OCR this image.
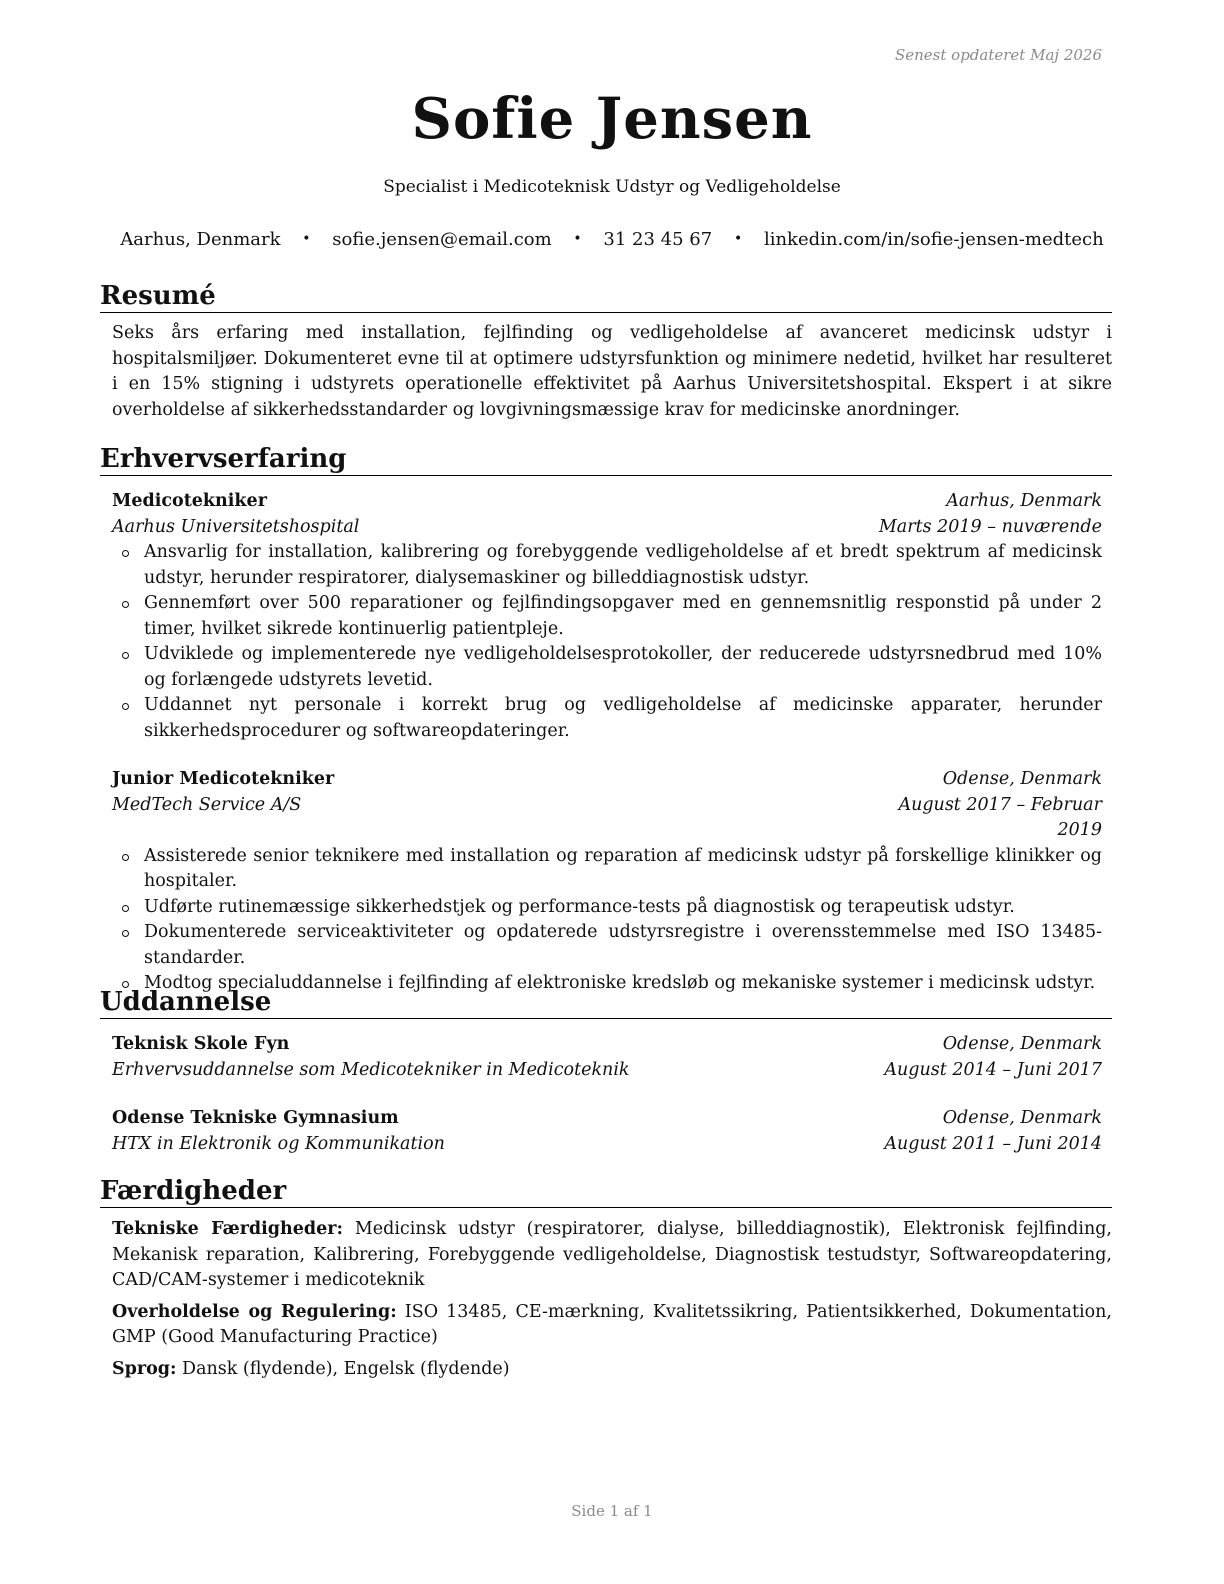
Senest opdateret Maj 2026
Sofie Jensen
Specialist i Medicoteknisk Udstyr og Vedligeholdelse
Aarhus, Denmark • sofie.jensen@email.com • 31 23 45 67 • linkedin.com/in/sofie-jensen-medtech
Resumé

Seks års erfaring med installation, fejlfinding og vedligeholdelse af avanceret medicinsk udstyr i hospitalsmiljøer. Dokumenteret evne til at optimere udstyrsfunktion og minimere nedetid, hvilket har resulteret i en 15% stigning i udstyrets operationelle effektivitet på Aarhus Universitetshospital. Ekspert i at sikre overholdelse af sikkerhedsstandarder og lovgivningsmæssige krav for medicinske anordninger.

Erhvervserfaring
Medicotekniker	Aarhus, Denmark
Aarhus Universitetshospital	Marts 2019 – nuværende
Ansvarlig for installation, kalibrering og forebyggende vedligeholdelse af et bredt spektrum af medicinsk udstyr, herunder respiratorer, dialysemaskiner og billeddiagnostisk udstyr.
Gennemført over 500 reparationer og fejlfindingsopgaver med en gennemsnitlig responstid på under 2 timer, hvilket sikrede kontinuerlig patientpleje.
Udviklede og implementerede nye vedligeholdelsesprotokoller, der reducerede udstyrsnedbrud med 10% og forlængede udstyrets levetid.
Uddannet nyt personale i korrekt brug og vedligeholdelse af medicinske apparater, herunder sikkerhedsprocedurer og softwareopdateringer.
Junior Medicotekniker	Odense, Denmark
MedTech Service A/S	August 2017 – Februar 2019
Assisterede senior teknikere med installation og reparation af medicinsk udstyr på forskellige klinikker og hospitaler.
Udførte rutinemæssige sikkerhedstjek og performance-tests på diagnostisk og terapeutisk udstyr.
Dokumenterede serviceaktiviteter og opdaterede udstyrsregistre i overensstemmelse med ISO 13485-standarder.
Modtog specialuddannelse i fejlfinding af elektroniske kredsløb og mekaniske systemer i medicinsk udstyr.
Uddannelse
Teknisk Skole Fyn	Odense, Denmark
Erhvervsuddannelse som Medicotekniker in Medicoteknik	August 2014 – Juni 2017
Odense Tekniske Gymnasium	Odense, Denmark
HTX in Elektronik og Kommunikation	August 2011 – Juni 2014
Færdigheder

Tekniske Færdigheder: Medicinsk udstyr (respiratorer, dialyse, billeddiagnostik), Elektronisk fejlfinding, Mekanisk reparation, Kalibrering, Forebyggende vedligeholdelse, Diagnostisk testudstyr, Softwareopdatering, CAD/CAM-systemer i medicoteknik

Overholdelse og Regulering: ISO 13485, CE-mærkning, Kvalitetssikring, Patientsikkerhed, Dokumentation, GMP (Good Manufacturing Practice)

Sprog: Dansk (flydende), Engelsk (flydende)

Side 1 af 1
